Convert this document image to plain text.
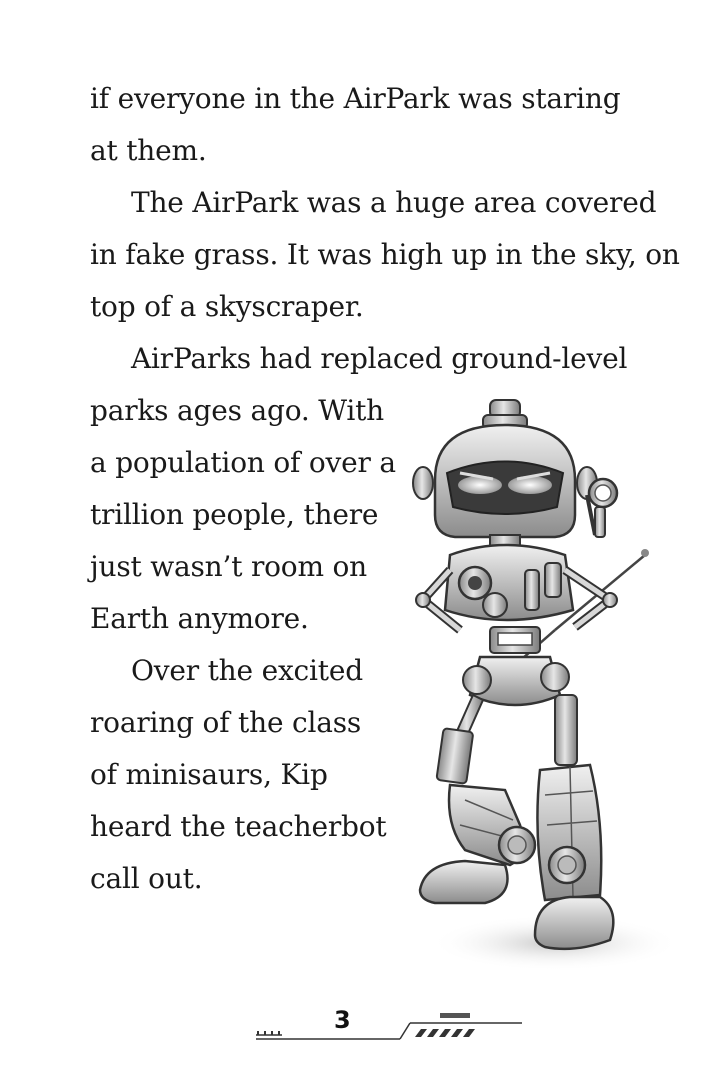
if everyone in the AirPark was staring
at them.
The AirPark was a huge area covered
in fake grass. It was high up in the sky, on
top of a skyscraper.
AirParks had replaced ground-level
parks ages ago. With
a population of over a
trillion people, there
just wasn’t room on
Earth anymore.
Over the excited
roaring of the class
of minisaurs, Kip
heard the teacherbot
call out.
3
